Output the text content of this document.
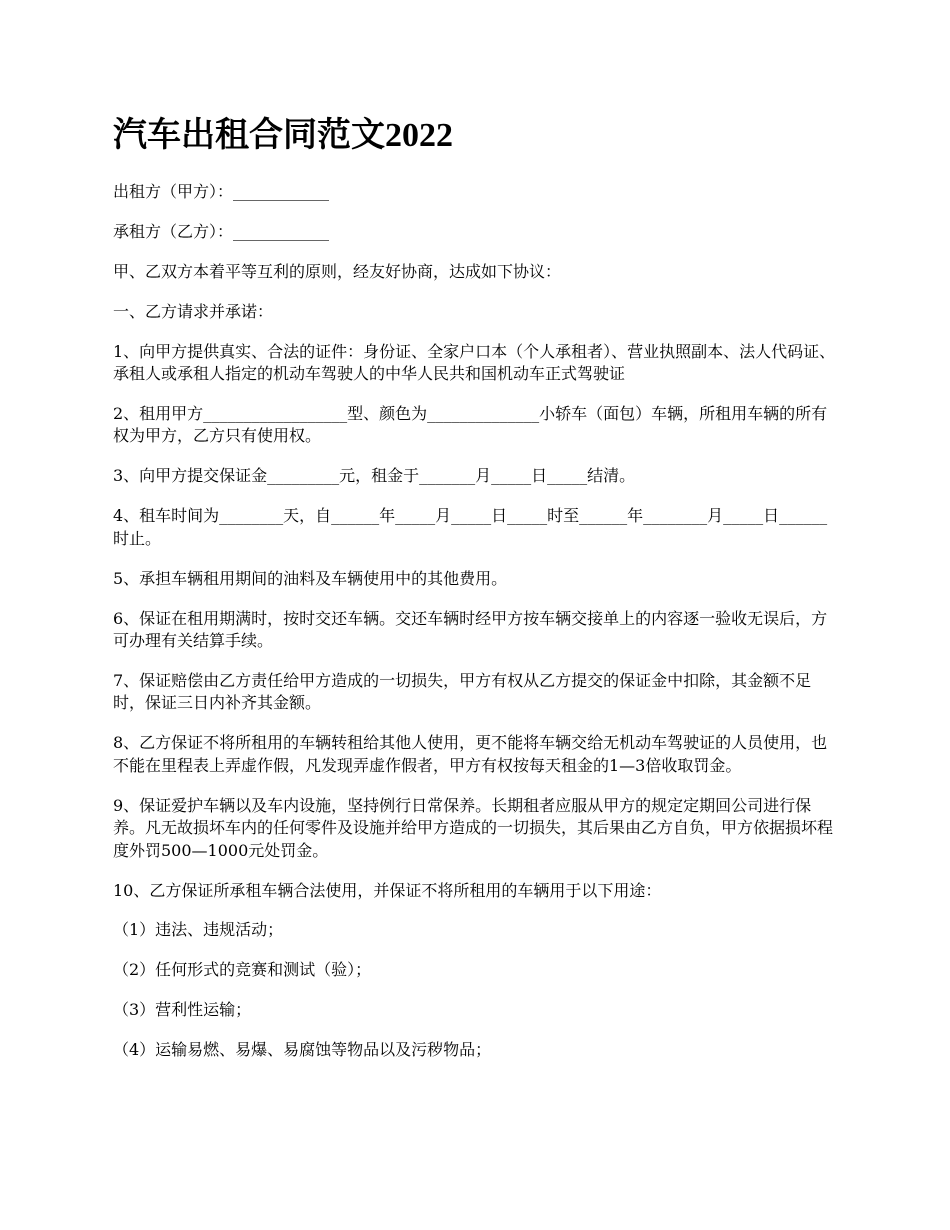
汽车出租合同范文2022

出租方（甲方）：____________

承租方（乙方）：____________

甲、乙双方本着平等互利的原则，经友好协商，达成如下协议：

一、乙方请求并承诺：

1、向甲方提供真实、合法的证件：身份证、全家户口本（个人承租者）、营业执照副本、法人代码证、承租人或承租人指定的机动车驾驶人的中华人民共和国机动车正式驾驶证

2、租用甲方__________________型、颜色为______________小轿车（面包）车辆，所租用车辆的所有权为甲方，乙方只有使用权。

3、向甲方提交保证金_________元，租金于_______月_____日_____结清。

4、租车时间为________天，自______年_____月_____日_____时至______年________月_____日______时止。

5、承担车辆租用期间的油料及车辆使用中的其他费用。

6、保证在租用期满时，按时交还车辆。交还车辆时经甲方按车辆交接单上的内容逐一验收无误后，方可办理有关结算手续。

7、保证赔偿由乙方责任给甲方造成的一切损失，甲方有权从乙方提交的保证金中扣除，其金额不足时，保证三日内补齐其金额。

8、乙方保证不将所租用的车辆转租给其他人使用，更不能将车辆交给无机动车驾驶证的人员使用，也不能在里程表上弄虚作假，凡发现弄虚作假者，甲方有权按每天租金的1—3倍收取罚金。

9、保证爱护车辆以及车内设施，坚持例行日常保养。长期租者应服从甲方的规定定期回公司进行保养。凡无故损坏车内的任何零件及设施并给甲方造成的一切损失，其后果由乙方自负，甲方依据损坏程度外罚500—1000元处罚金。

10、乙方保证所承租车辆合法使用，并保证不将所租用的车辆用于以下用途：

（1）违法、违规活动；

（2）任何形式的竞赛和测试（验）；

（3）营利性运输；

（4）运输易燃、易爆、易腐蚀等物品以及污秽物品；
